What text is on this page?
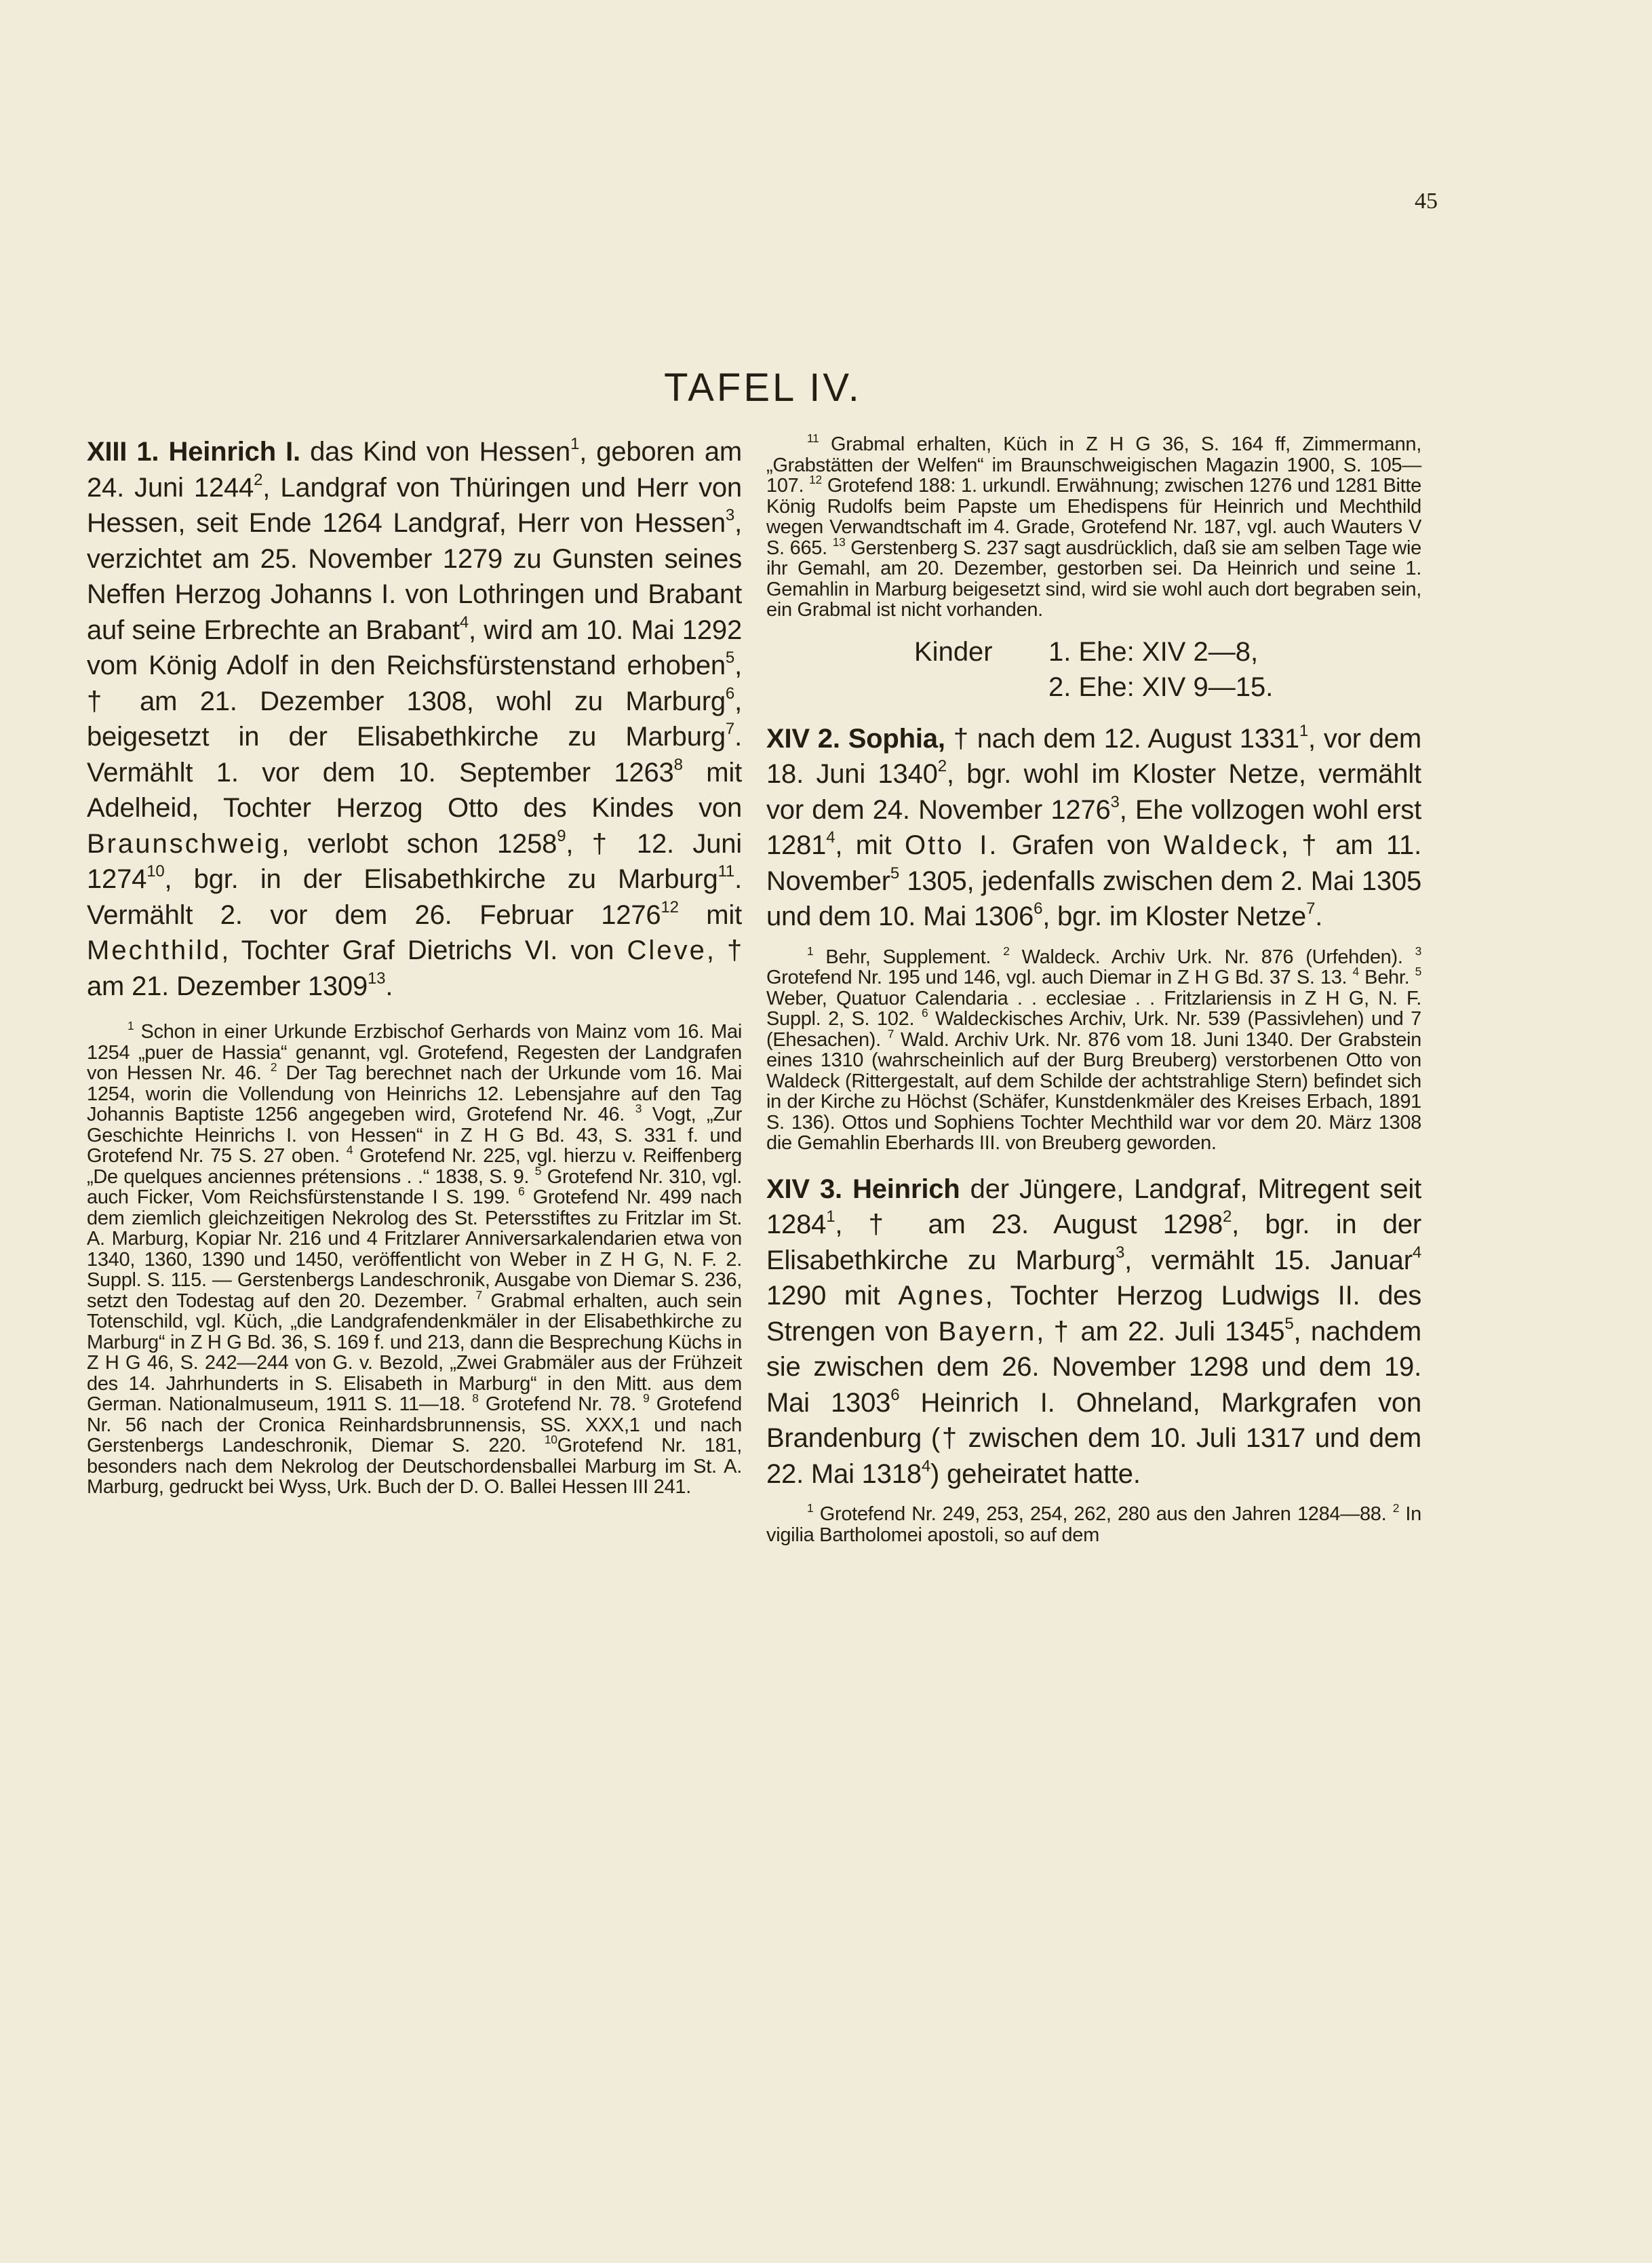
45
TAFEL IV.

XIII 1. Heinrich I. das Kind von Hessen$^1$, geboren am 24. Juni 1244$^2$, Landgraf von Thüringen und Herr von Hessen, seit Ende 1264 Landgraf, Herr von Hessen$^3$, verzichtet am 25. November 1279 zu Gunsten seines Neffen Herzog Johanns I. von Lothringen und Brabant auf seine Erbrechte an Brabant$^4$, wird am 10. Mai 1292 vom König Adolf in den Reichsfürstenstand erhoben$^5$, † am 21. Dezember 1308, wohl zu Marburg$^6$, beigesetzt in der Elisabethkirche zu Marburg$^7$. Vermählt 1. vor dem 10. September 1263$^8$ mit Adelheid, Tochter Herzog Otto des Kindes von Braunschweig, verlobt schon 1258$^9$, † 12. Juni 1274$^{10}$, bgr. in der Elisabethkirche zu Marburg$^{11}$. Vermählt 2. vor dem 26. Februar 1276$^{12}$ mit Mechthild, Tochter Graf Dietrichs VI. von Cleve, † am 21. Dezember 1309$^{13}$.

$^1$ Schon in einer Urkunde Erzbischof Gerhards von Mainz vom 16. Mai 1254 „puer de Hassia“ genannt, vgl. Grotefend, Regesten der Landgrafen von Hessen Nr. 46. $^2$ Der Tag berechnet nach der Urkunde vom 16. Mai 1254, worin die Vollendung von Heinrichs 12. Lebensjahre auf den Tag Johannis Baptiste 1256 angegeben wird, Grotefend Nr. 46. $^3$ Vogt, „Zur Geschichte Heinrichs I. von Hessen“ in Z H G Bd. 43, S. 331 f. und Grotefend Nr. 75 S. 27 oben. $^4$ Grotefend Nr. 225, vgl. hierzu v. Reiffenberg „De quelques anciennes prétensions . .“ 1838, S. 9. $^5$ Grotefend Nr. 310, vgl. auch Ficker, Vom Reichsfürstenstande I S. 199. $^6$ Grotefend Nr. 499 nach dem ziemlich gleichzeitigen Nekrolog des St. Petersstiftes zu Fritzlar im St. A. Marburg, Kopiar Nr. 216 und 4 Fritzlarer Anniversarkalendarien etwa von 1340, 1360, 1390 und 1450, veröffentlicht von Weber in Z H G, N. F. 2. Suppl. S. 115. — Gerstenbergs Landeschronik, Ausgabe von Diemar S. 236, setzt den Todestag auf den 20. Dezember. $^7$ Grabmal erhalten, auch sein Totenschild, vgl. Küch, „die Landgrafendenkmäler in der Elisabethkirche zu Marburg“ in Z H G Bd. 36, S. 169 f. und 213, dann die Besprechung Küchs in Z H G 46, S. 242—244 von G. v. Bezold, „Zwei Grabmäler aus der Frühzeit des 14. Jahrhunderts in S. Elisabeth in Marburg“ in den Mitt. aus dem German. Nationalmuseum, 1911 S. 11—18. $^8$ Grotefend Nr. 78. $^9$ Grotefend Nr. 56 nach der Cronica Reinhardsbrunnensis, SS. XXX,1 und nach Gerstenbergs Landeschronik, Diemar S. 220. $^{10}$Grotefend Nr. 181, besonders nach dem Nekrolog der Deutschordensballei Marburg im St. A. Marburg, gedruckt bei Wyss, Urk. Buch der D. O. Ballei Hessen III 241.

$^{11}$ Grabmal erhalten, Küch in Z H G 36, S. 164 ff, Zimmermann, „Grabstätten der Welfen“ im Braunschweigischen Magazin 1900, S. 105—107. $^{12}$ Grotefend 188: 1. urkundl. Erwähnung; zwischen 1276 und 1281 Bitte König Rudolfs beim Papste um Ehedispens für Heinrich und Mechthild wegen Verwandtschaft im 4. Grade, Grotefend Nr. 187, vgl. auch Wauters V S. 665. $^{13}$ Gerstenberg S. 237 sagt ausdrücklich, daß sie am selben Tage wie ihr Gemahl, am 20. Dezember, gestorben sei. Da Heinrich und seine 1. Gemahlin in Marburg beigesetzt sind, wird sie wohl auch dort begraben sein, ein Grabmal ist nicht vorhanden.

Kinder 1. Ehe: XIV 2—8,
2. Ehe: XIV 9—15.

XIV 2. Sophia, † nach dem 12. August 1331$^1$, vor dem 18. Juni 1340$^2$, bgr. wohl im Kloster Netze, vermählt vor dem 24. November 1276$^3$, Ehe vollzogen wohl erst 1281$^4$, mit Otto I. Grafen von Waldeck, † am 11. November$^5$ 1305, jedenfalls zwischen dem 2. Mai 1305 und dem 10. Mai 1306$^6$, bgr. im Kloster Netze$^7$.

$^1$ Behr, Supplement. $^2$ Waldeck. Archiv Urk. Nr. 876 (Urfehden). $^3$ Grotefend Nr. 195 und 146, vgl. auch Diemar in Z H G Bd. 37 S. 13. $^4$ Behr. $^5$ Weber, Quatuor Calendaria . . ecclesiae . . Fritzlariensis in Z H G, N. F. Suppl. 2, S. 102. $^6$ Waldeckisches Archiv, Urk. Nr. 539 (Passivlehen) und 7 (Ehesachen). $^7$ Wald. Archiv Urk. Nr. 876 vom 18. Juni 1340. Der Grabstein eines 1310 (wahrscheinlich auf der Burg Breuberg) verstorbenen Otto von Waldeck (Rittergestalt, auf dem Schilde der achtstrahlige Stern) befindet sich in der Kirche zu Höchst (Schäfer, Kunstdenkmäler des Kreises Erbach, 1891 S. 136). Ottos und Sophiens Tochter Mechthild war vor dem 20. März 1308 die Gemahlin Eberhards III. von Breuberg geworden.

XIV 3. Heinrich der Jüngere, Landgraf, Mitregent seit 1284$^1$, † am 23. August 1298$^2$, bgr. in der Elisabethkirche zu Marburg$^3$, vermählt 15. Januar$^4$ 1290 mit Agnes, Tochter Herzog Ludwigs II. des Strengen von Bayern, † am 22. Juli 1345$^5$, nachdem sie zwischen dem 26. November 1298 und dem 19. Mai 1303$^6$ Heinrich I. Ohneland, Markgrafen von Brandenburg († zwischen dem 10. Juli 1317 und dem 22. Mai 1318$^4$) geheiratet hatte.

$^1$ Grotefend Nr. 249, 253, 254, 262, 280 aus den Jahren 1284—88. $^2$ In vigilia Bartholomei apostoli, so auf dem
